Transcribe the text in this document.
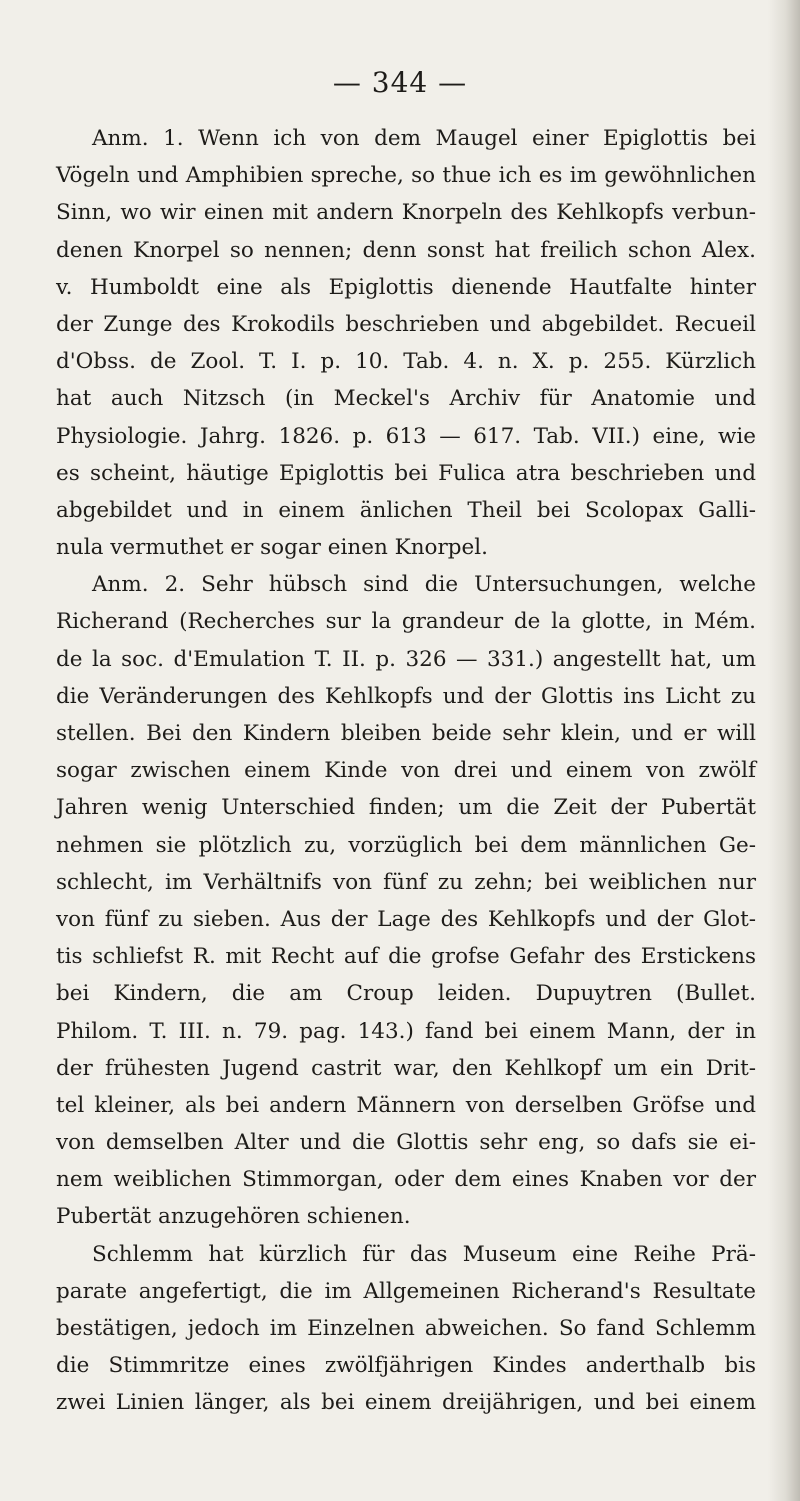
— 344 —
Anm. 1. Wenn ich von dem Maugel einer Epiglottis bei
Vögeln und Amphibien spreche, so thue ich es im gewöhnlichen
Sinn, wo wir einen mit andern Knorpeln des Kehlkopfs verbun-
denen Knorpel so nennen; denn sonst hat freilich schon Alex.
v. Humboldt eine als Epiglottis dienende Hautfalte hinter
der Zunge des Krokodils beschrieben und abgebildet. Recueil
d'Obss. de Zool. T. I. p. 10. Tab. 4. n. X. p. 255. Kürzlich
hat auch Nitzsch (in Meckel's Archiv für Anatomie und
Physiologie. Jahrg. 1826. p. 613 — 617. Tab. VII.) eine, wie
es scheint, häutige Epiglottis bei Fulica atra beschrieben und
abgebildet und in einem änlichen Theil bei Scolopax Galli-
nula vermuthet er sogar einen Knorpel.
Anm. 2. Sehr hübsch sind die Untersuchungen, welche
Richerand (Recherches sur la grandeur de la glotte, in Mém.
de la soc. d'Emulation T. II. p. 326 — 331.) angestellt hat, um
die Veränderungen des Kehlkopfs und der Glottis ins Licht zu
stellen. Bei den Kindern bleiben beide sehr klein, und er will
sogar zwischen einem Kinde von drei und einem von zwölf
Jahren wenig Unterschied finden; um die Zeit der Pubertät
nehmen sie plötzlich zu, vorzüglich bei dem männlichen Ge-
schlecht, im Verhältnifs von fünf zu zehn; bei weiblichen nur
von fünf zu sieben. Aus der Lage des Kehlkopfs und der Glot-
tis schliefst R. mit Recht auf die grofse Gefahr des Erstickens
bei Kindern, die am Croup leiden. Dupuytren (Bullet.
Philom. T. III. n. 79. pag. 143.) fand bei einem Mann, der in
der frühesten Jugend castrit war, den Kehlkopf um ein Drit-
tel kleiner, als bei andern Männern von derselben Gröfse und
von demselben Alter und die Glottis sehr eng, so dafs sie ei-
nem weiblichen Stimmorgan, oder dem eines Knaben vor der
Pubertät anzugehören schienen.
Schlemm hat kürzlich für das Museum eine Reihe Prä-
parate angefertigt, die im Allgemeinen Richerand's Resultate
bestätigen, jedoch im Einzelnen abweichen. So fand Schlemm
die Stimmritze eines zwölfjährigen Kindes anderthalb bis
zwei Linien länger, als bei einem dreijährigen, und bei einem
